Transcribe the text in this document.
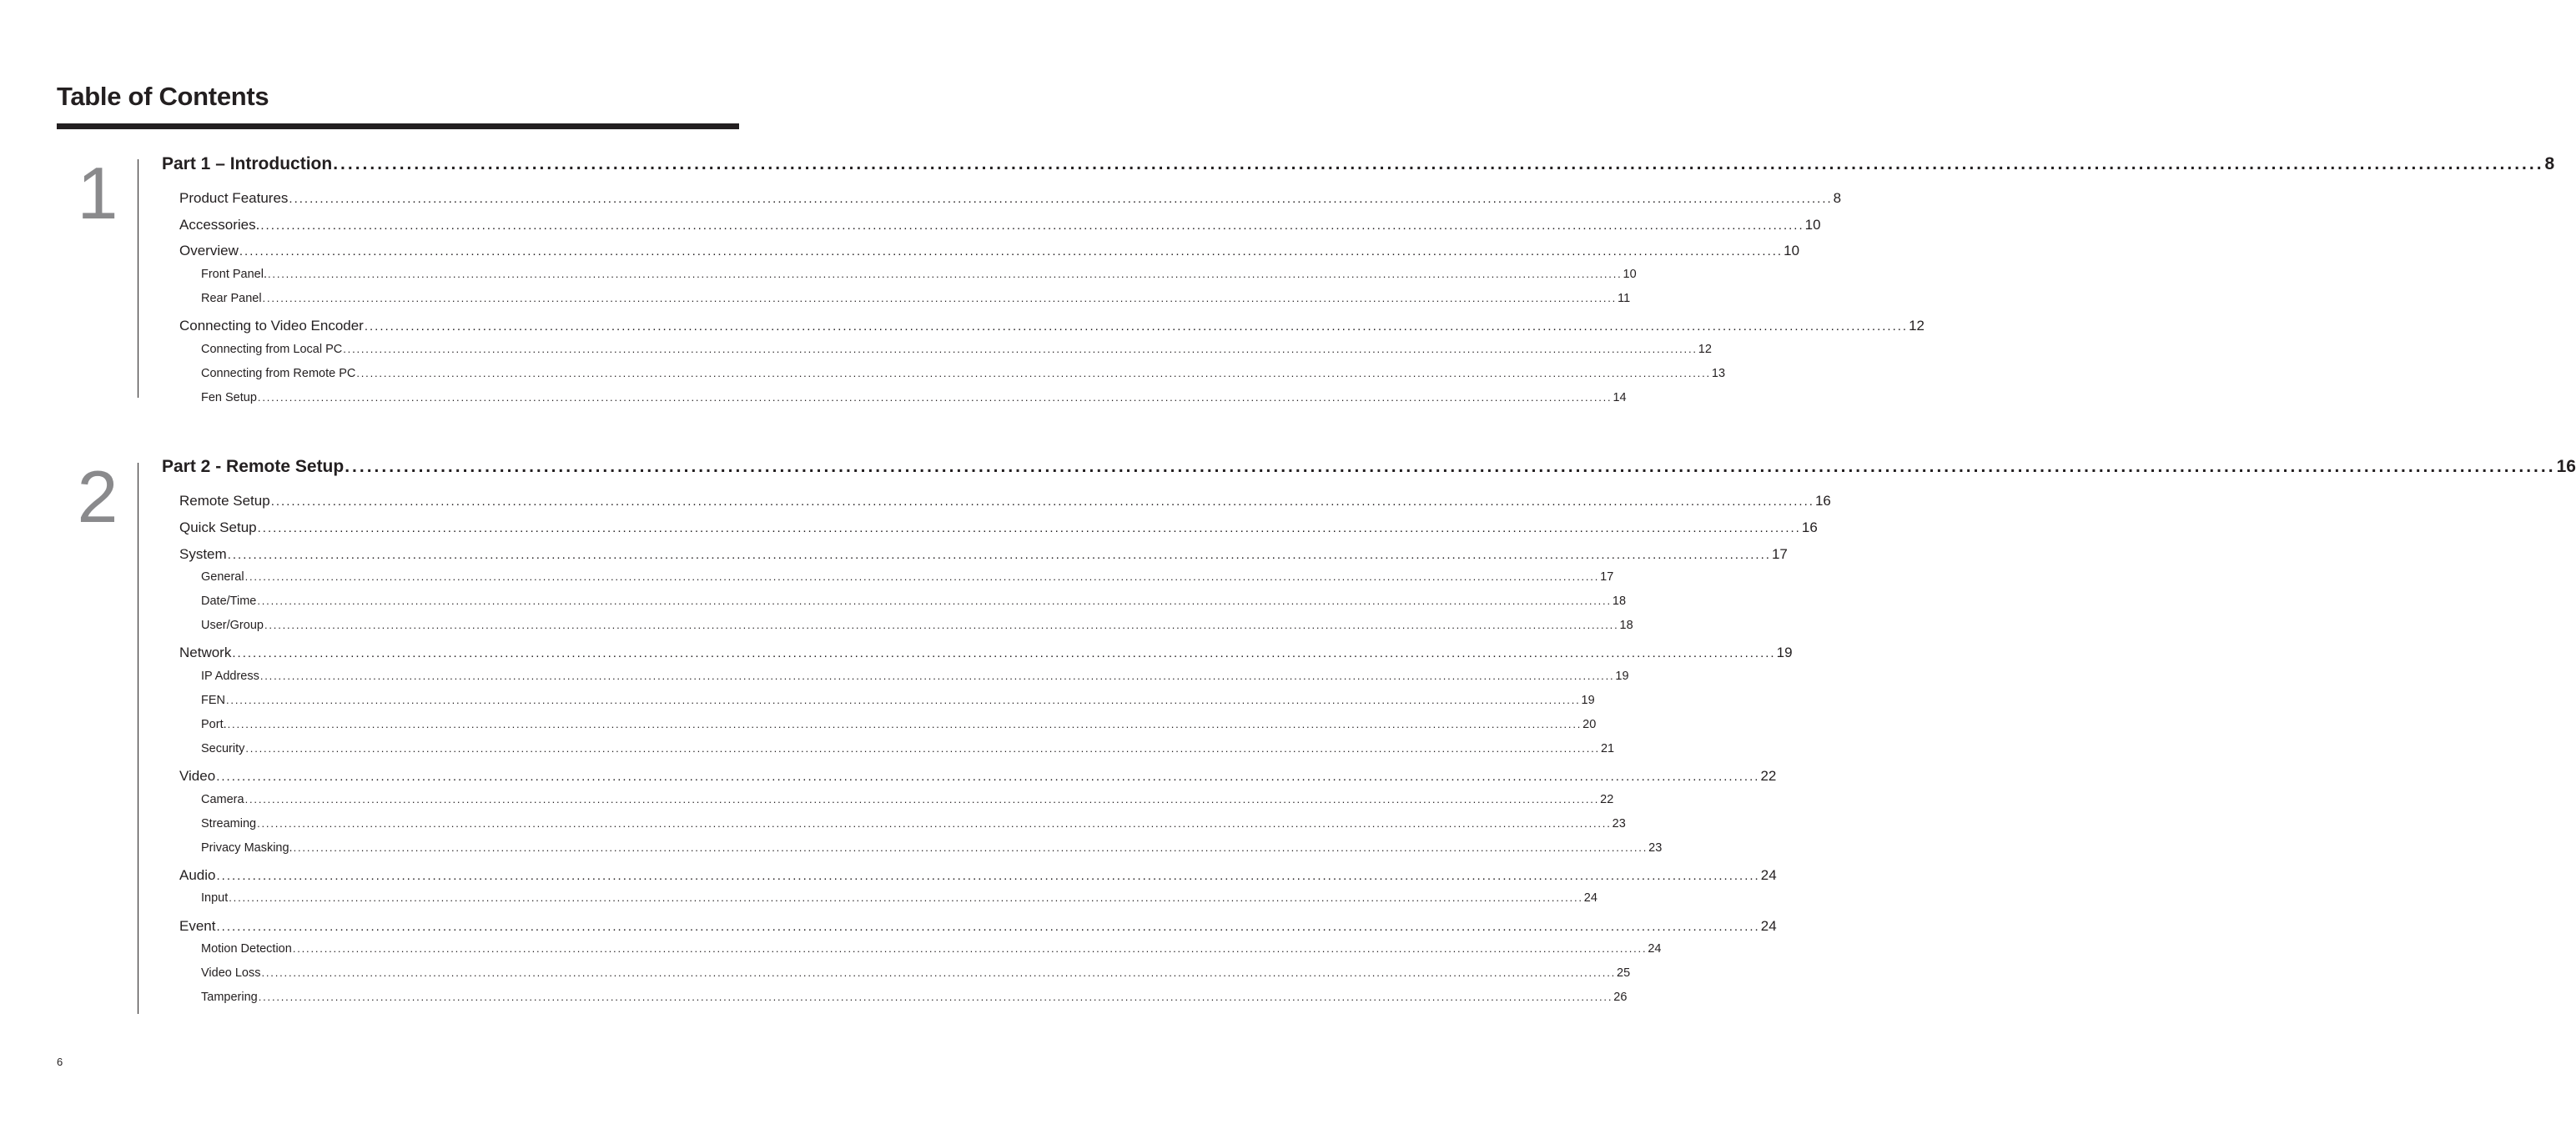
Table of Contents
1	Part 1 – Introduction ............................................................................................................................................................................................................................................................................................................ 8
Product Features ............................................................................................................................................................................................................................................................................................................ 8
Accessories. ............................................................................................................................................................................................................................................................................................................ 10
Overview ............................................................................................................................................................................................................................................................................................................ 10
Front Panel. ............................................................................................................................................................................................................................................................................................................ 10
Rear Panel ............................................................................................................................................................................................................................................................................................................ 11
Connecting to Video Encoder ............................................................................................................................................................................................................................................................................................................ 12
Connecting from Local PC ............................................................................................................................................................................................................................................................................................................ 12
Connecting from Remote PC ............................................................................................................................................................................................................................................................................................................ 13
Fen Setup ............................................................................................................................................................................................................................................................................................................ 14
2	Part 2 - Remote Setup ............................................................................................................................................................................................................................................................................................................ 16
Remote Setup ............................................................................................................................................................................................................................................................................................................ 16
Quick Setup ............................................................................................................................................................................................................................................................................................................ 16
System ............................................................................................................................................................................................................................................................................................................ 17
General ............................................................................................................................................................................................................................................................................................................ 17
Date/Time ............................................................................................................................................................................................................................................................................................................ 18
User/Group ............................................................................................................................................................................................................................................................................................................ 18
Network ............................................................................................................................................................................................................................................................................................................ 19
IP Address ............................................................................................................................................................................................................................................................................................................ 19
FEN ............................................................................................................................................................................................................................................................................................................ 19
Port. ............................................................................................................................................................................................................................................................................................................ 20
Security ............................................................................................................................................................................................................................................................................................................ 21
Video ............................................................................................................................................................................................................................................................................................................ 22
Camera ............................................................................................................................................................................................................................................................................................................ 22
Streaming ............................................................................................................................................................................................................................................................................................................ 23
Privacy Masking. ............................................................................................................................................................................................................................................................................................................ 23
Audio ............................................................................................................................................................................................................................................................................................................ 24
Input ............................................................................................................................................................................................................................................................................................................ 24
Event ............................................................................................................................................................................................................................................................................................................ 24
Motion Detection ............................................................................................................................................................................................................................................................................................................ 24
Video Loss ............................................................................................................................................................................................................................................................................................................ 25
Tampering ............................................................................................................................................................................................................................................................................................................ 26
6
